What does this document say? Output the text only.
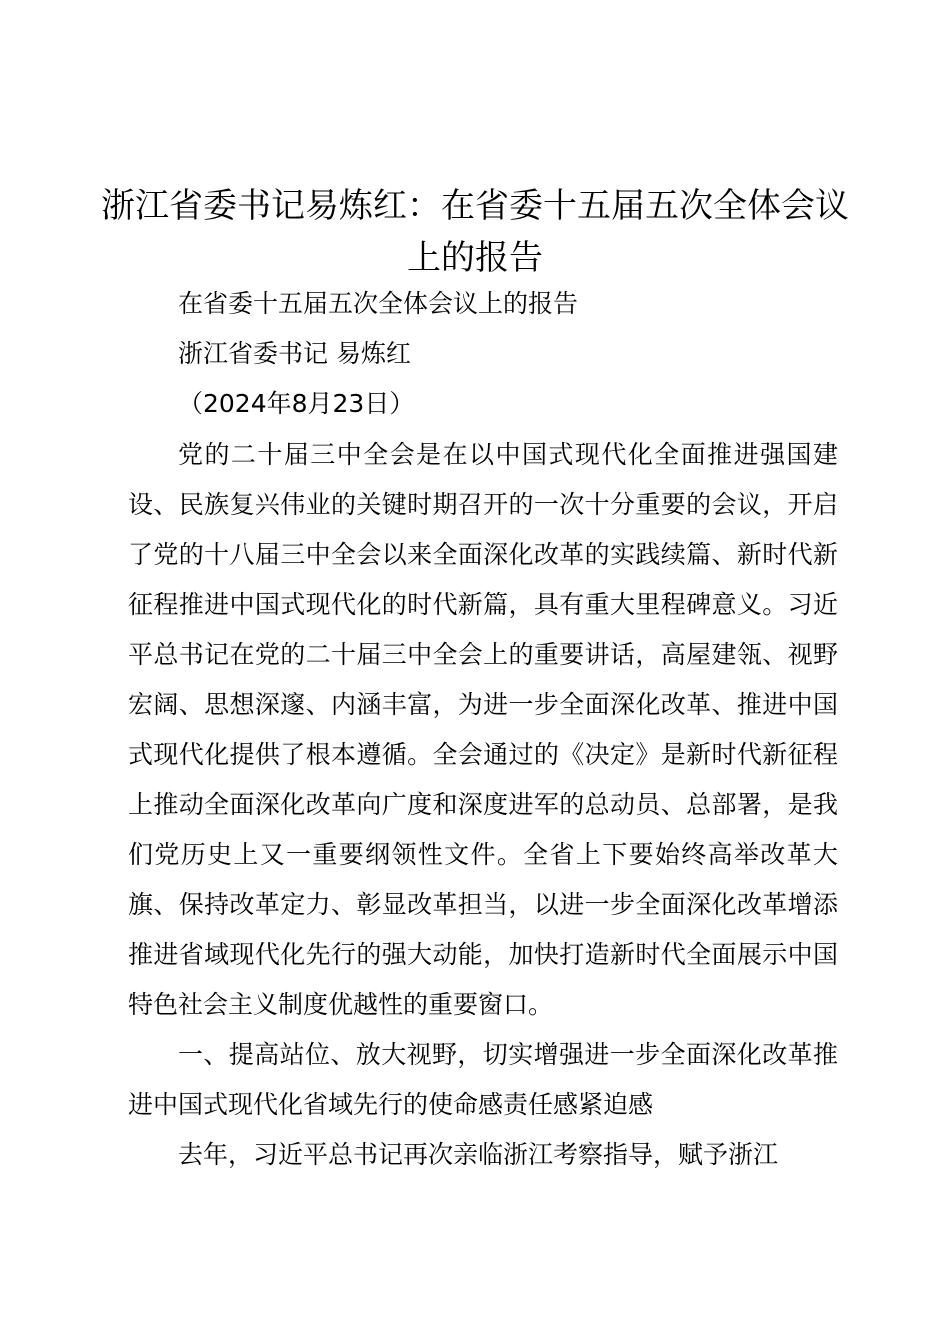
浙江省委书记易炼红：在省委十五届五次全体会议上的报告

在省委十五届五次全体会议上的报告

浙江省委书记 易炼红

（2024年8月23日）

党的二十届三中全会是在以中国式现代化全面推进强国建设、民族复兴伟业的关键时期召开的一次十分重要的会议，开启了党的十八届三中全会以来全面深化改革的实践续篇、新时代新征程推进中国式现代化的时代新篇，具有重大里程碑意义。习近平总书记在党的二十届三中全会上的重要讲话，高屋建瓴、视野宏阔、思想深邃、内涵丰富，为进一步全面深化改革、推进中国式现代化提供了根本遵循。全会通过的《决定》是新时代新征程上推动全面深化改革向广度和深度进军的总动员、总部署，是我们党历史上又一重要纲领性文件。全省上下要始终高举改革大旗、保持改革定力、彰显改革担当，以进一步全面深化改革增添推进省域现代化先行的强大动能，加快打造新时代全面展示中国特色社会主义制度优越性的重要窗口。

一、提高站位、放大视野，切实增强进一步全面深化改革推进中国式现代化省域先行的使命感责任感紧迫感

去年，习近平总书记再次亲临浙江考察指导，赋予浙江
